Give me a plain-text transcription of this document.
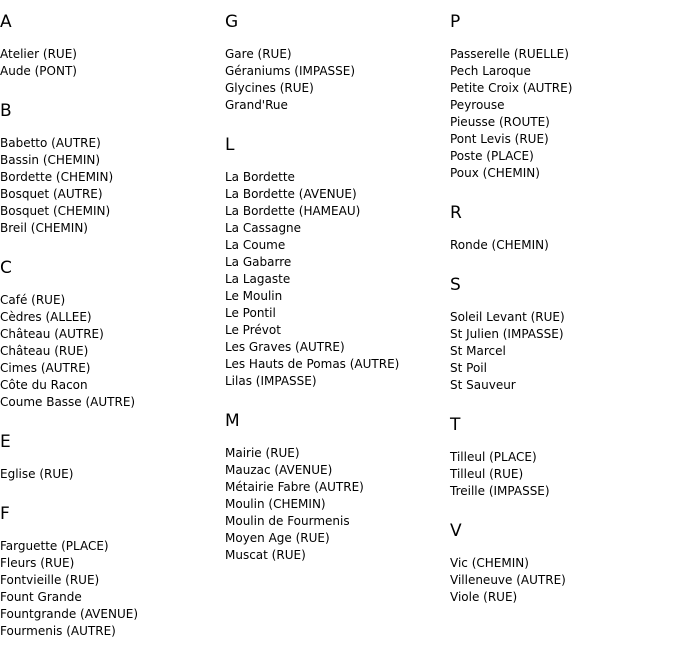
A
Atelier (RUE)
Aude (PONT)
B
Babetto (AUTRE)
Bassin (CHEMIN)
Bordette (CHEMIN)
Bosquet (AUTRE)
Bosquet (CHEMIN)
Breil (CHEMIN)
C
Café (RUE)
Cèdres (ALLEE)
Château (AUTRE)
Château (RUE)
Cimes (AUTRE)
Côte du Racon
Coume Basse (AUTRE)
E
Eglise (RUE)
F
Farguette (PLACE)
Fleurs (RUE)
Fontvieille (RUE)
Fount Grande
Fountgrande (AVENUE)
Fourmenis (AUTRE)
G
Gare (RUE)
Géraniums (IMPASSE)
Glycines (RUE)
Grand'Rue
L
La Bordette
La Bordette (AVENUE)
La Bordette (HAMEAU)
La Cassagne
La Coume
La Gabarre
La Lagaste
Le Moulin
Le Pontil
Le Prévot
Les Graves (AUTRE)
Les Hauts de Pomas (AUTRE)
Lilas (IMPASSE)
M
Mairie (RUE)
Mauzac (AVENUE)
Métairie Fabre (AUTRE)
Moulin (CHEMIN)
Moulin de Fourmenis
Moyen Age (RUE)
Muscat (RUE)
P
Passerelle (RUELLE)
Pech Laroque
Petite Croix (AUTRE)
Peyrouse
Pieusse (ROUTE)
Pont Levis (RUE)
Poste (PLACE)
Poux (CHEMIN)
R
Ronde (CHEMIN)
S
Soleil Levant (RUE)
St Julien (IMPASSE)
St Marcel
St Poil
St Sauveur
T
Tilleul (PLACE)
Tilleul (RUE)
Treille (IMPASSE)
V
Vic (CHEMIN)
Villeneuve (AUTRE)
Viole (RUE)
